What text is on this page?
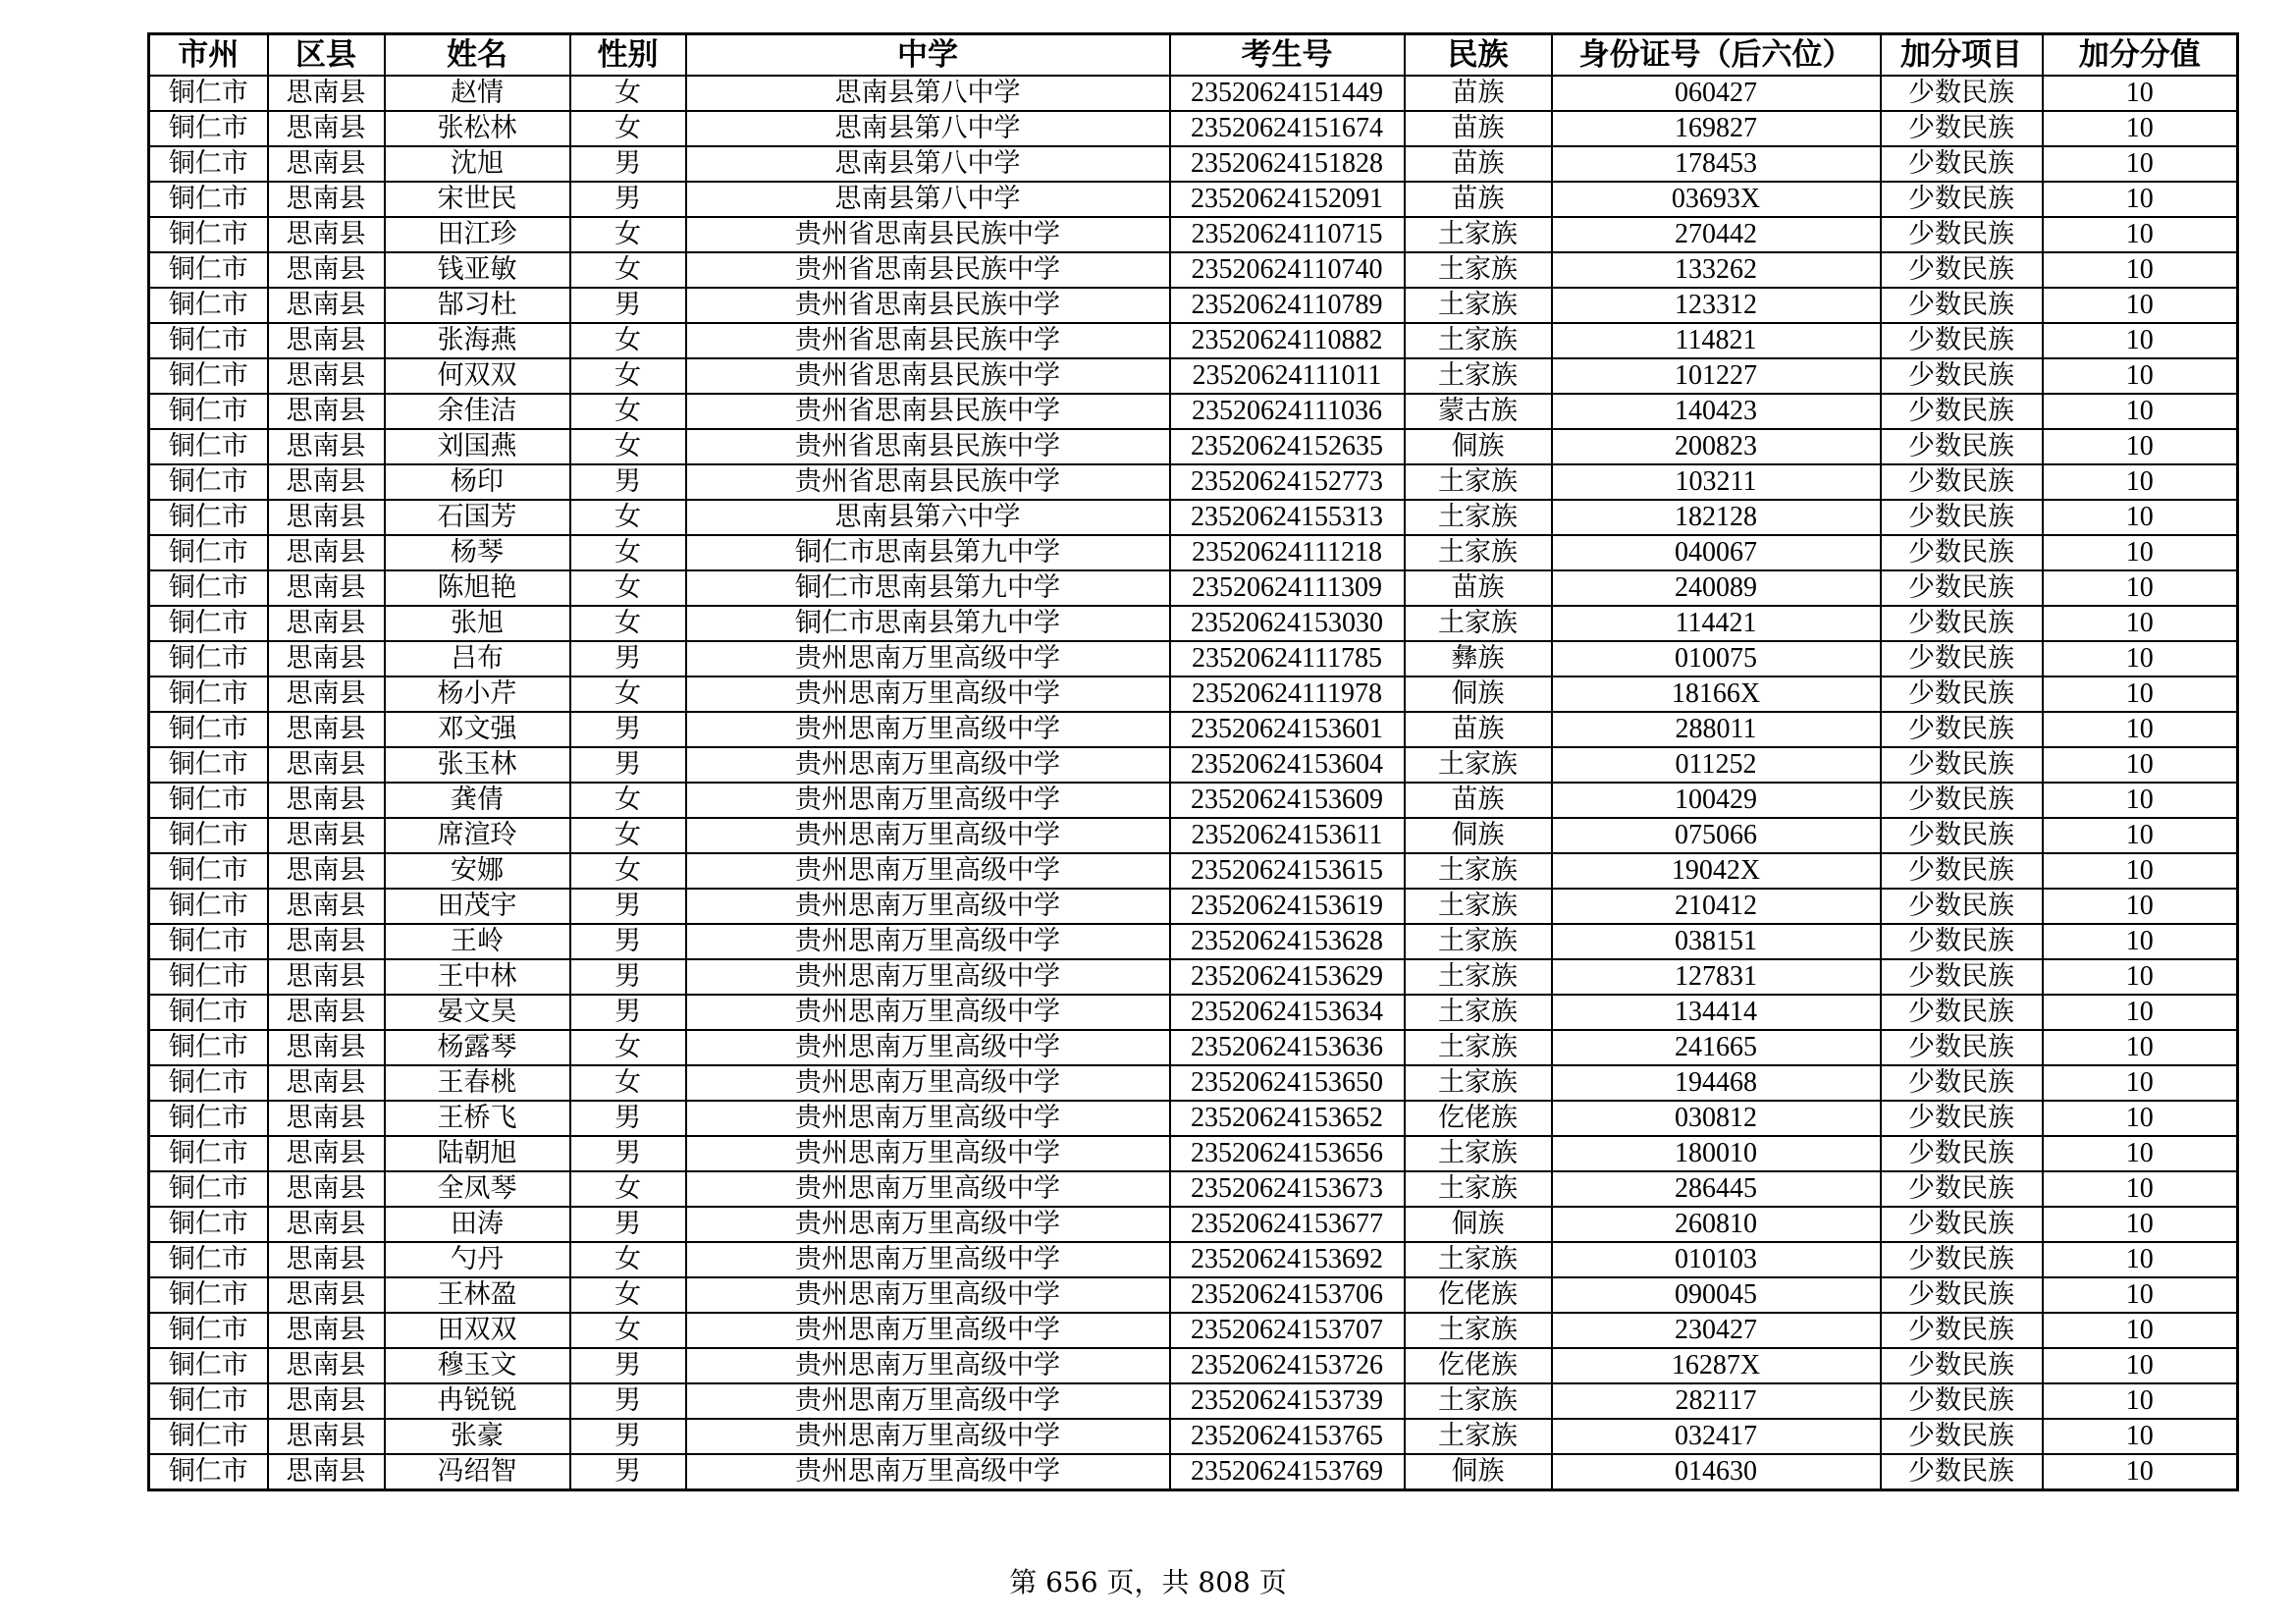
市州	区县	姓名	性别	中学	考生号	民族	身份证号（后六位）	加分项目	加分分值
铜仁市	思南县	赵情	女	思南县第八中学	23520624151449	苗族	060427	少数民族	10
铜仁市	思南县	张松林	女	思南县第八中学	23520624151674	苗族	169827	少数民族	10
铜仁市	思南县	沈旭	男	思南县第八中学	23520624151828	苗族	178453	少数民族	10
铜仁市	思南县	宋世民	男	思南县第八中学	23520624152091	苗族	03693X	少数民族	10
铜仁市	思南县	田江珍	女	贵州省思南县民族中学	23520624110715	土家族	270442	少数民族	10
铜仁市	思南县	钱亚敏	女	贵州省思南县民族中学	23520624110740	土家族	133262	少数民族	10
铜仁市	思南县	郜习杜	男	贵州省思南县民族中学	23520624110789	土家族	123312	少数民族	10
铜仁市	思南县	张海燕	女	贵州省思南县民族中学	23520624110882	土家族	114821	少数民族	10
铜仁市	思南县	何双双	女	贵州省思南县民族中学	23520624111011	土家族	101227	少数民族	10
铜仁市	思南县	余佳洁	女	贵州省思南县民族中学	23520624111036	蒙古族	140423	少数民族	10
铜仁市	思南县	刘国燕	女	贵州省思南县民族中学	23520624152635	侗族	200823	少数民族	10
铜仁市	思南县	杨印	男	贵州省思南县民族中学	23520624152773	土家族	103211	少数民族	10
铜仁市	思南县	石国芳	女	思南县第六中学	23520624155313	土家族	182128	少数民族	10
铜仁市	思南县	杨琴	女	铜仁市思南县第九中学	23520624111218	土家族	040067	少数民族	10
铜仁市	思南县	陈旭艳	女	铜仁市思南县第九中学	23520624111309	苗族	240089	少数民族	10
铜仁市	思南县	张旭	女	铜仁市思南县第九中学	23520624153030	土家族	114421	少数民族	10
铜仁市	思南县	吕布	男	贵州思南万里高级中学	23520624111785	彝族	010075	少数民族	10
铜仁市	思南县	杨小芹	女	贵州思南万里高级中学	23520624111978	侗族	18166X	少数民族	10
铜仁市	思南县	邓文强	男	贵州思南万里高级中学	23520624153601	苗族	288011	少数民族	10
铜仁市	思南县	张玉林	男	贵州思南万里高级中学	23520624153604	土家族	011252	少数民族	10
铜仁市	思南县	龚倩	女	贵州思南万里高级中学	23520624153609	苗族	100429	少数民族	10
铜仁市	思南县	席渲玲	女	贵州思南万里高级中学	23520624153611	侗族	075066	少数民族	10
铜仁市	思南县	安娜	女	贵州思南万里高级中学	23520624153615	土家族	19042X	少数民族	10
铜仁市	思南县	田茂宇	男	贵州思南万里高级中学	23520624153619	土家族	210412	少数民族	10
铜仁市	思南县	王岭	男	贵州思南万里高级中学	23520624153628	土家族	038151	少数民族	10
铜仁市	思南县	王中林	男	贵州思南万里高级中学	23520624153629	土家族	127831	少数民族	10
铜仁市	思南县	晏文昊	男	贵州思南万里高级中学	23520624153634	土家族	134414	少数民族	10
铜仁市	思南县	杨露琴	女	贵州思南万里高级中学	23520624153636	土家族	241665	少数民族	10
铜仁市	思南县	王春桃	女	贵州思南万里高级中学	23520624153650	土家族	194468	少数民族	10
铜仁市	思南县	王桥飞	男	贵州思南万里高级中学	23520624153652	仡佬族	030812	少数民族	10
铜仁市	思南县	陆朝旭	男	贵州思南万里高级中学	23520624153656	土家族	180010	少数民族	10
铜仁市	思南县	全凤琴	女	贵州思南万里高级中学	23520624153673	土家族	286445	少数民族	10
铜仁市	思南县	田涛	男	贵州思南万里高级中学	23520624153677	侗族	260810	少数民族	10
铜仁市	思南县	勺丹	女	贵州思南万里高级中学	23520624153692	土家族	010103	少数民族	10
铜仁市	思南县	王林盈	女	贵州思南万里高级中学	23520624153706	仡佬族	090045	少数民族	10
铜仁市	思南县	田双双	女	贵州思南万里高级中学	23520624153707	土家族	230427	少数民族	10
铜仁市	思南县	穆玉文	男	贵州思南万里高级中学	23520624153726	仡佬族	16287X	少数民族	10
铜仁市	思南县	冉锐锐	男	贵州思南万里高级中学	23520624153739	土家族	282117	少数民族	10
铜仁市	思南县	张豪	男	贵州思南万里高级中学	23520624153765	土家族	032417	少数民族	10
铜仁市	思南县	冯绍智	男	贵州思南万里高级中学	23520624153769	侗族	014630	少数民族	10
第 656 页，共 808 页
